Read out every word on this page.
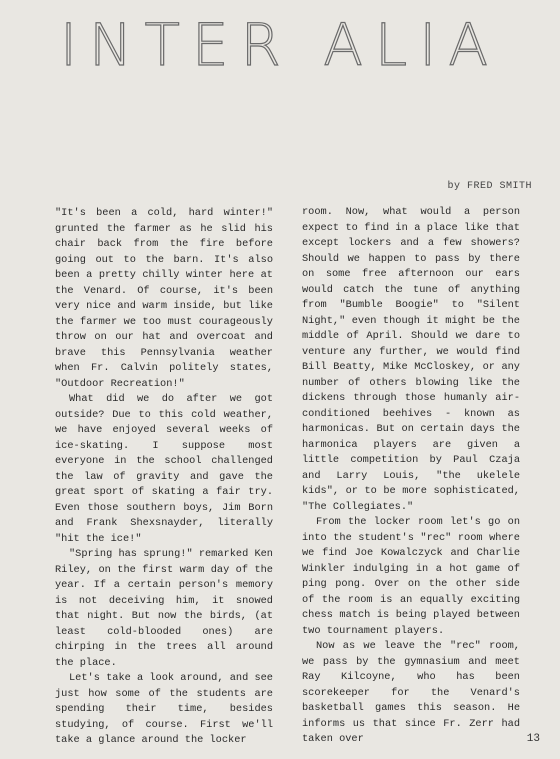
INTER ALIA
by FRED SMITH

"It's been a cold, hard winter!" grunted the farmer as he slid his chair back from the fire before going out to the barn. It's also been a pretty chilly winter here at the Venard. Of course, it's been very nice and warm inside, but like the farmer we too must courageously throw on our hat and overcoat and brave this Pennsylvania weather when Fr. Calvin politely states, "Outdoor Recreation!"

What did we do after we got outside? Due to this cold weather, we have enjoyed several weeks of ice-skating. I suppose most everyone in the school challenged the law of gravity and gave the great sport of skating a fair try. Even those southern boys, Jim Born and Frank Shexsnayder, literally "hit the ice!"

"Spring has sprung!" remarked Ken Riley, on the first warm day of the year. If a certain person's memory is not deceiving him, it snowed that night. But now the birds, (at least cold-blooded ones) are chirping in the trees all around the place.

Let's take a look around, and see just how some of the students are spending their time, besides studying, of course. First we'll take a glance around the locker

room. Now, what would a person expect to find in a place like that except lockers and a few showers? Should we happen to pass by there on some free afternoon our ears would catch the tune of anything from "Bumble Boogie" to "Silent Night," even though it might be the middle of April. Should we dare to venture any further, we would find Bill Beatty, Mike McCloskey, or any number of others blowing like the dickens through those humanly air-conditioned beehives - known as harmonicas. But on certain days the harmonica players are given a little competition by Paul Czaja and Larry Louis, "the ukelele kids", or to be more sophisticated, "The Collegiates."

From the locker room let's go on into the student's "rec" room where we find Joe Kowalczyck and Charlie Winkler indulging in a hot game of ping pong. Over on the other side of the room is an equally exciting chess match is being played between two tournament players.

Now as we leave the "rec" room, we pass by the gymnasium and meet Ray Kilcoyne, who has been scorekeeper for the Venard's basketball games this season. He informs us that since Fr. Zerr had taken over	13
